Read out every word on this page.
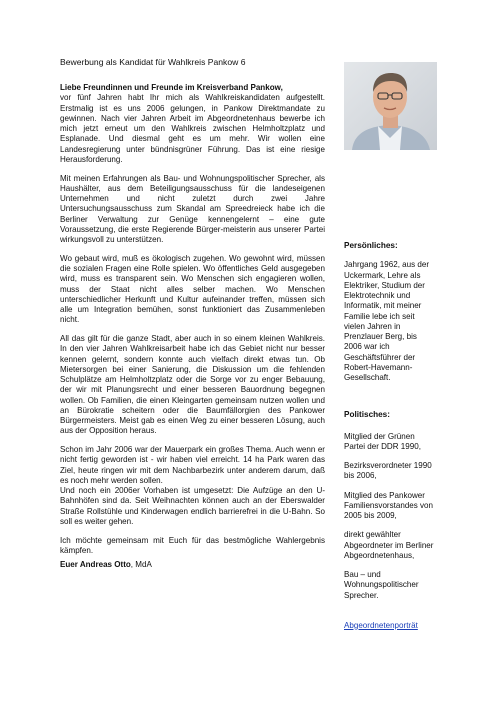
Bewerbung als Kandidat für Wahlkreis Pankow 6

Liebe Freundinnen und Freunde im Kreisverband Pankow,
vor fünf Jahren habt Ihr mich als Wahlkreiskandidaten aufgestellt. Erstmalig ist es uns 2006 gelungen, in Pankow Direktmandate zu gewinnen. Nach vier Jahren Arbeit im Abgeordnetenhaus bewerbe ich mich jetzt erneut um den Wahlkreis zwischen Helmholtzplatz und Esplanade. Und diesmal geht es um mehr. Wir wollen eine Landesregierung unter bündnisgrüner Führung. Das ist eine riesige Herausforderung.

Mit meinen Erfahrungen als Bau- und Wohnungspolitischer Sprecher, als Haushälter, aus dem Beteiligungsausschuss für die landeseigenen Unternehmen und nicht zuletzt durch zwei Jahre Untersuchungsausschuss zum Skandal am Spreedreieck habe ich die Berliner Verwaltung zur Genüge kennengelernt – eine gute Voraussetzung, die erste Regierende Bürger-meisterin aus unserer Partei wirkungsvoll zu unterstützen.

Wo gebaut wird, muß es ökologisch zugehen. Wo gewohnt wird, müssen die sozialen Fragen eine Rolle spielen. Wo öffentliches Geld ausgegeben wird, muss es transparent sein. Wo Menschen sich engagieren wollen, muss der Staat nicht alles selber machen. Wo Menschen unterschiedlicher Herkunft und Kultur aufeinander treffen, müssen sich alle um Integration bemühen, sonst funktioniert das Zusammenleben nicht.

All das gilt für die ganze Stadt, aber auch in so einem kleinen Wahlkreis. In den vier Jahren Wahlkreisarbeit habe ich das Gebiet nicht nur besser kennen gelernt, sondern konnte auch vielfach direkt etwas tun. Ob Mietersorgen bei einer Sanierung, die Diskussion um die fehlenden Schulplätze am Helmholtzplatz oder die Sorge vor zu enger Bebauung, der wir mit Planungsrecht und einer besseren Bauordnung begegnen wollen. Ob Familien, die einen Kleingarten gemeinsam nutzen wollen und an Bürokratie scheitern oder die Baumfällorgien des Pankower Bürgermeisters. Meist gab es einen Weg zu einer besseren Lösung, auch aus der Opposition heraus.

Schon im Jahr 2006 war der Mauerpark ein großes Thema. Auch wenn er nicht fertig geworden ist - wir haben viel erreicht. 14 ha Park waren das Ziel, heute ringen wir mit dem Nachbarbezirk unter anderem darum, daß es noch mehr werden sollen.
Und noch ein 2006er Vorhaben ist umgesetzt: Die Aufzüge an den U-Bahnhöfen sind da. Seit Weihnachten können auch an der Eberswalder Straße Rollstühle und Kinderwagen endlich barrierefrei in die U-Bahn. So soll es weiter gehen.

Ich möchte gemeinsam mit Euch für das bestmögliche Wahlergebnis kämpfen.

Euer Andreas Otto, MdA

Persönliches:

Jahrgang 1962, aus der Uckermark, Lehre als Elektriker, Studium der Elektrotechnik und Informatik, mit meiner Familie lebe ich seit vielen Jahren in Prenzlauer Berg, bis 2006 war ich Geschäftsführer der Robert-Havemann-Gesellschaft.

Politisches:

Mitglied der Grünen Partei der DDR 1990,

Bezirksverordneter 1990 bis 2006,

Mitglied des Pankower Familiensvorstandes von 2005 bis 2009,

direkt gewählter Abgeordneter im Berliner Abgeordnetenhaus,

Bau – und Wohnungspolitischer Sprecher.

Abgeordnetenporträt
